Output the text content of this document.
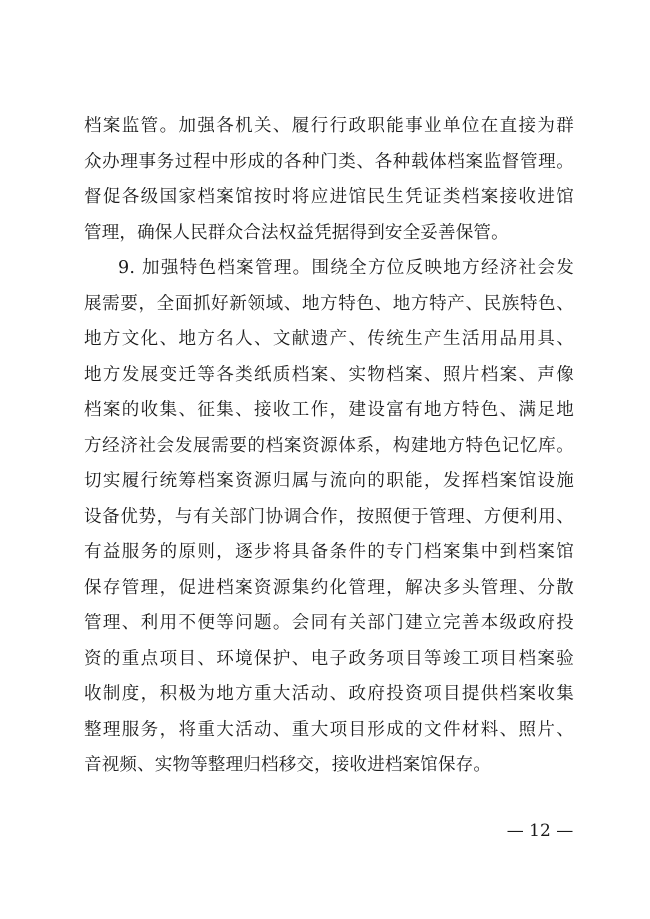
档案监管。加强各机关、履行行政职能事业单位在直接为群
众办理事务过程中形成的各种门类、各种载体档案监督管理。
督促各级国家档案馆按时将应进馆民生凭证类档案接收进馆
管理，确保人民群众合法权益凭据得到安全妥善保管。
9. 加强特色档案管理。围绕全方位反映地方经济社会发
展需要，全面抓好新领域、地方特色、地方特产、民族特色、
地方文化、地方名人、文献遗产、传统生产生活用品用具、
地方发展变迁等各类纸质档案、实物档案、照片档案、声像
档案的收集、征集、接收工作，建设富有地方特色、满足地
方经济社会发展需要的档案资源体系，构建地方特色记忆库。
切实履行统筹档案资源归属与流向的职能，发挥档案馆设施
设备优势，与有关部门协调合作，按照便于管理、方便利用、
有益服务的原则，逐步将具备条件的专门档案集中到档案馆
保存管理，促进档案资源集约化管理，解决多头管理、分散
管理、利用不便等问题。会同有关部门建立完善本级政府投
资的重点项目、环境保护、电子政务项目等竣工项目档案验
收制度，积极为地方重大活动、政府投资项目提供档案收集
整理服务，将重大活动、重大项目形成的文件材料、照片、
音视频、实物等整理归档移交，接收进档案馆保存。
— 12 —
